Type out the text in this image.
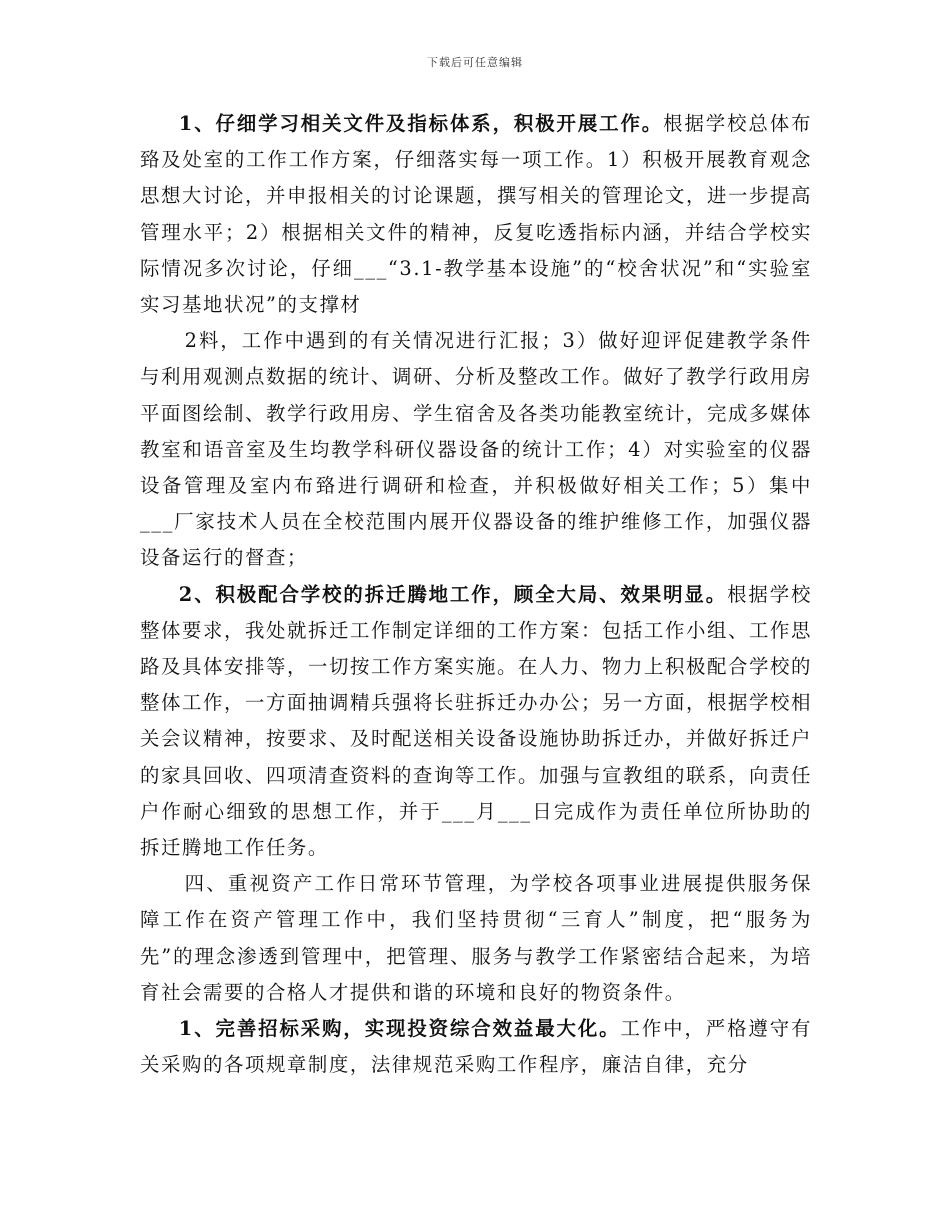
下载后可任意编辑

1、仔细学习相关文件及指标体系，积极开展工作。根据学校总体布臵及处室的工作工作方案，仔细落实每一项工作。1）积极开展教育观念思想大讨论，并申报相关的讨论课题，撰写相关的管理论文，进一步提高管理水平；2）根据相关文件的精神，反复吃透指标内涵，并结合学校实际情况多次讨论，仔细___“3.1-教学基本设施”的“校舍状况”和“实验室实习基地状况”的支撑材

2料，工作中遇到的有关情况进行汇报；3）做好迎评促建教学条件与利用观测点数据的统计、调研、分析及整改工作。做好了教学行政用房平面图绘制、教学行政用房、学生宿舍及各类功能教室统计，完成多媒体教室和语音室及生均教学科研仪器设备的统计工作；4）对实验室的仪器设备管理及室内布臵进行调研和检查，并积极做好相关工作；5）集中___厂家技术人员在全校范围内展开仪器设备的维护维修工作，加强仪器设备运行的督查；

2、积极配合学校的拆迁腾地工作，顾全大局、效果明显。根据学校整体要求，我处就拆迁工作制定详细的工作方案：包括工作小组、工作思路及具体安排等，一切按工作方案实施。在人力、物力上积极配合学校的整体工作，一方面抽调精兵强将长驻拆迁办办公；另一方面，根据学校相关会议精神，按要求、及时配送相关设备设施协助拆迁办，并做好拆迁户的家具回收、四项清查资料的查询等工作。加强与宣教组的联系，向责任户作耐心细致的思想工作，并于___月___日完成作为责任单位所协助的拆迁腾地工作任务。

四、重视资产工作日常环节管理，为学校各项事业进展提供服务保障工作在资产管理工作中，我们坚持贯彻“三育人”制度，把“服务为先”的理念渗透到管理中，把管理、服务与教学工作紧密结合起来，为培育社会需要的合格人才提供和谐的环境和良好的物资条件。

1、完善招标采购，实现投资综合效益最大化。工作中，严格遵守有关采购的各项规章制度，法律规范采购工作程序，廉洁自律，充分
